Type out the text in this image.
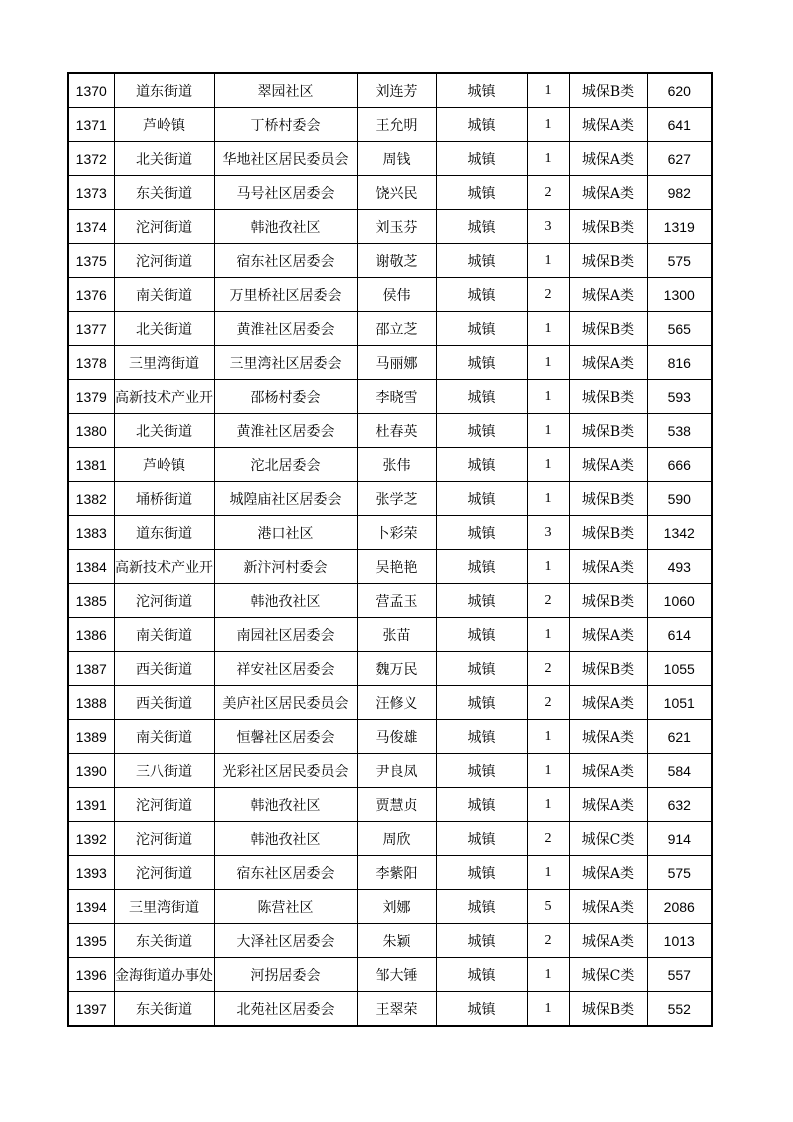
1370	道东街道	翠园社区	刘连芳	城镇	1	城保B类	620
1371	芦岭镇	丁桥村委会	王允明	城镇	1	城保A类	641
1372	北关街道	华地社区居民委员会	周钱	城镇	1	城保A类	627
1373	东关街道	马号社区居委会	饶兴民	城镇	2	城保A类	982
1374	沱河街道	韩池孜社区	刘玉芬	城镇	3	城保B类	1319
1375	沱河街道	宿东社区居委会	谢敬芝	城镇	1	城保B类	575
1376	南关街道	万里桥社区居委会	侯伟	城镇	2	城保A类	1300
1377	北关街道	黄淮社区居委会	邵立芝	城镇	1	城保B类	565
1378	三里湾街道	三里湾社区居委会	马丽娜	城镇	1	城保A类	816
1379	高新技术产业开	邵杨村委会	李晓雪	城镇	1	城保B类	593
1380	北关街道	黄淮社区居委会	杜春英	城镇	1	城保B类	538
1381	芦岭镇	沱北居委会	张伟	城镇	1	城保A类	666
1382	埇桥街道	城隍庙社区居委会	张学芝	城镇	1	城保B类	590
1383	道东街道	港口社区	卜彩荣	城镇	3	城保B类	1342
1384	高新技术产业开	新汴河村委会	吴艳艳	城镇	1	城保A类	493
1385	沱河街道	韩池孜社区	营孟玉	城镇	2	城保B类	1060
1386	南关街道	南园社区居委会	张苗	城镇	1	城保A类	614
1387	西关街道	祥安社区居委会	魏万民	城镇	2	城保B类	1055
1388	西关街道	美庐社区居民委员会	汪修义	城镇	2	城保A类	1051
1389	南关街道	恒馨社区居委会	马俊雄	城镇	1	城保A类	621
1390	三八街道	光彩社区居民委员会	尹良凤	城镇	1	城保A类	584
1391	沱河街道	韩池孜社区	贾慧贞	城镇	1	城保A类	632
1392	沱河街道	韩池孜社区	周欣	城镇	2	城保C类	914
1393	沱河街道	宿东社区居委会	李紫阳	城镇	1	城保A类	575
1394	三里湾街道	陈营社区	刘娜	城镇	5	城保A类	2086
1395	东关街道	大泽社区居委会	朱颖	城镇	2	城保A类	1013
1396	金海街道办事处	河拐居委会	邹大锤	城镇	1	城保C类	557
1397	东关街道	北苑社区居委会	王翠荣	城镇	1	城保B类	552
